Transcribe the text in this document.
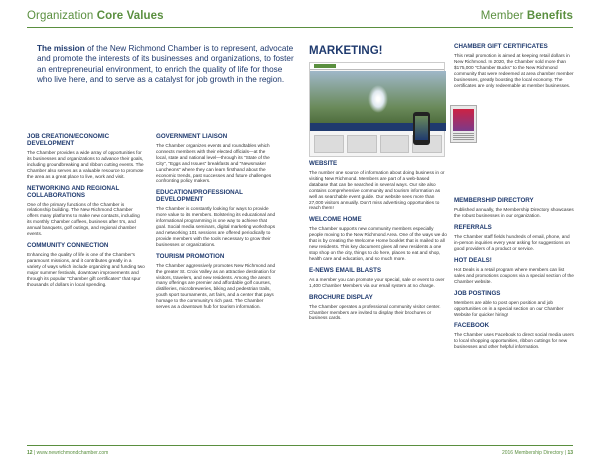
Organization Core Values
The mission of the New Richmond Chamber is to represent, advocate and promote the interests of its businesses and organizations, to foster an entrepreneurial environment, to enrich the quality of life for those who live here, and to serve as a catalyst for job growth in the region.
JOB CREATION/ECONOMIC DEVELOPMENT
The Chamber provides a wide array of opportunities for its businesses and organizations to advance their goals, including groundbreaking and ribbon cutting events. The Chamber also serves as a valuable resource to promote the area as a great place to live, work and visit.
NETWORKING AND REGIONAL COLLABORATIONS
One of the primary functions of the Chamber is relationship building. The New Richmond Chamber offers many platforms to make new contacts, including its monthly Chamber coffees, business after 5's, and annual banquets, golf outings, and regional chamber events.
COMMUNITY CONNECTION
Enhancing the quality of life is one of the Chamber's paramount missions, and it contributes greatly in a variety of ways which include organizing and funding two major summer festivals, downtown improvements and through its popular "Chamber gift certificates" that spur thousands of dollars in local spending.
GOVERNMENT LIAISON
The Chamber organizes events and roundtables which connects members with their elected officials—at the local, state and national level—through its "State of the City", "Eggs and Issues" breakfasts and "Newsmaker Luncheons" where they can learn firsthand about the economic trends, past successes and future challenges confronting policy makers.
EDUCATION/PROFESSIONAL DEVELOPMENT
The Chamber is constantly looking for ways to provide more value to its members. Bolstering its educational and informational programming is one way to achieve that goal. Social media seminars, digital marketing workshops and networking 101 sessions are offered periodically to provide members with the tools necessary to grow their businesses or organizations.
TOURISM PROMOTION
The Chamber aggressively promotes New Richmond and the greater St. Croix Valley as an attractive destination for visitors, travelers, and new residents. Among the area's many offerings are premier and affordable golf courses, distilleries, microbreweries, biking and pedestrian trails, youth sport tournaments, art fairs, and a center that pays homage to the community's rich past. The Chamber serves as a downtown hub for tourism information.
12 | www.newrichmondchamber.com
Member Benefits
MARKETING!
WEBSITE
The number one source of information about doing business in or visiting New Richmond. Members are part of a web-based database that can be searched in several ways. Our site also contains comprehensive community and tourism information as well as searchable event guide. Our website sees more than 27,000 visitors annually. Don't miss advertising opportunities to reach them!
WELCOME HOME
The Chamber supports new community members especially people moving to the New Richmond Area. One of the ways we do that is by creating the Welcome Home booklet that is mailed to all new residents. This key document gives all new residents a one stop shop on the city, things to do here, places to eat and shop, health care and education, and so much more.
E-NEWS EMAIL BLASTS
As a member you can promote your special, sale or event to over 1,400 Chamber Members via our email system at no charge.
BROCHURE DISPLAY
The Chamber operates a professional community visitor center. Chamber members are invited to display their brochures or business cards.
CHAMBER GIFT CERTIFICATES
This retail promotion is aimed at keeping retail dollars in New Richmond. In 2020, the Chamber sold more than $175,000 "Chamber Bucks" to the New Richmond community that were redeemed at area chamber member businesses, greatly boosting the local economy. The certificates are only redeemable at member businesses.
MEMBERSHIP DIRECTORY
Published annually, the Membership Directory showcases the robust businesses in our organization.
REFERRALS
The Chamber staff fields hundreds of email, phone, and in-person inquiries every year asking for suggestions on good providers of a product or service.
HOT DEALS!
Hot Deals is a retail program where members can list sales and promotions coupons via a special section of the Chamber website.
JOB POSTINGS
Members are able to post open position and job opportunities on in a special section on our Chamber Website for quicker hiring!
FACEBOOK
The Chamber uses Facebook to direct social media users to local shopping opportunities, ribbon cuttings for new businesses and other helpful information.
2016 Membership Directory | 13
